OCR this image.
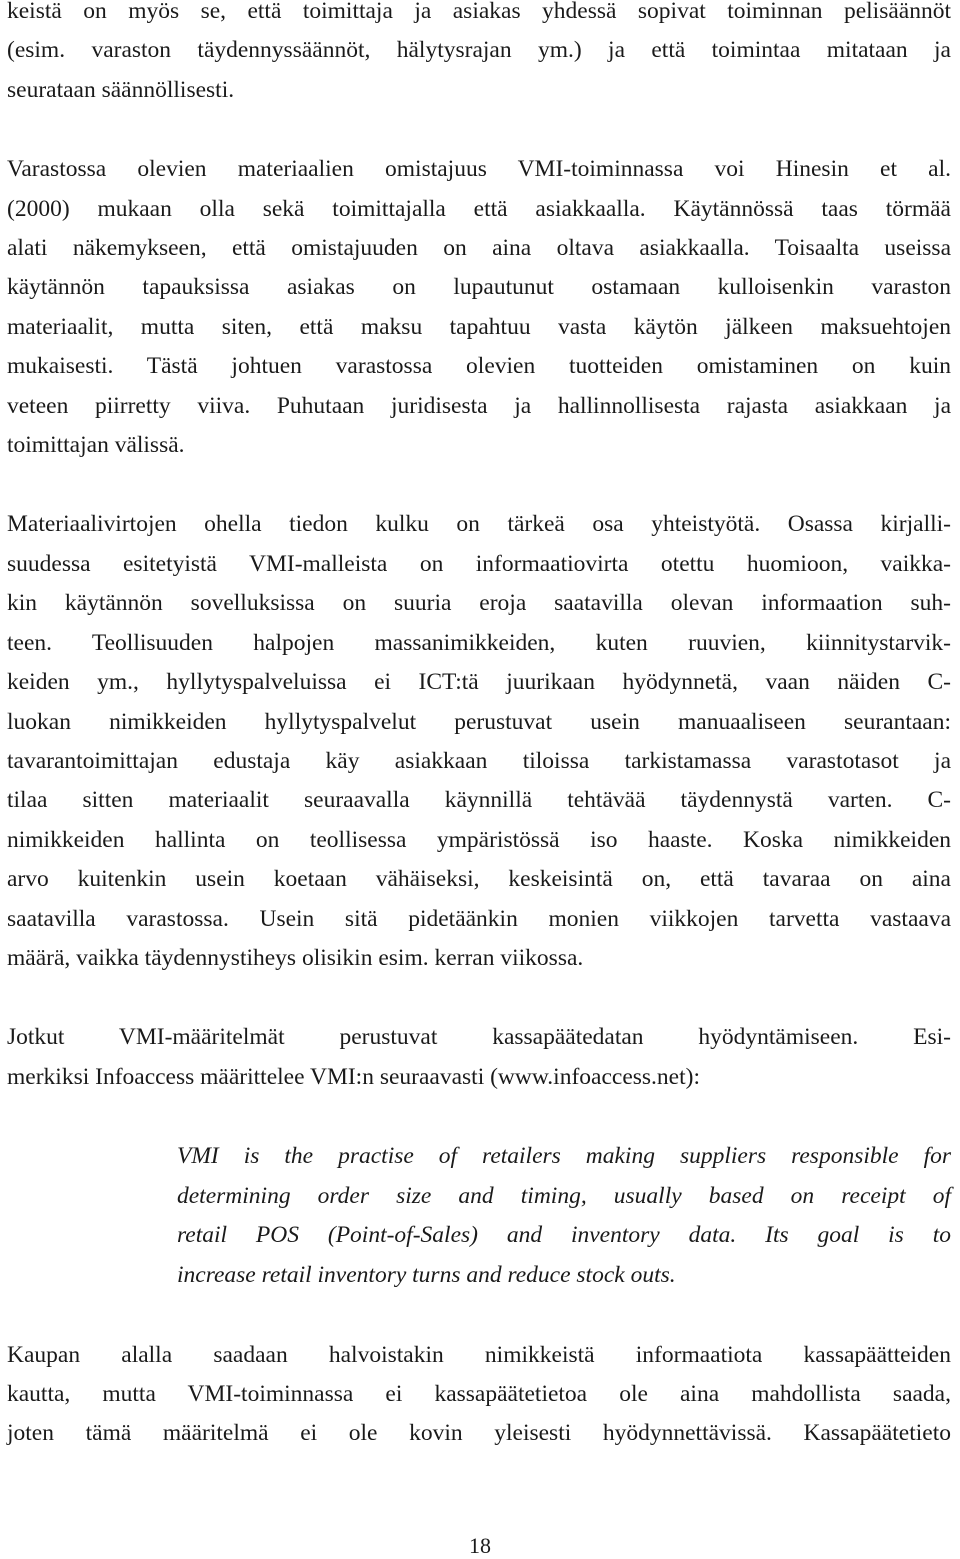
keistä on myös se, että toimittaja ja asiakas yhdessä sopivat toiminnan pelisäännöt
(esim. varaston täydennyssäännöt, hälytysrajan ym.) ja että toimintaa mitataan ja
seurataan säännöllisesti.

Varastossa olevien materiaalien omistajuus VMI-toiminnassa voi Hinesin et al.
(2000) mukaan olla sekä toimittajalla että asiakkaalla. Käytännössä taas törmää
alati näkemykseen, että omistajuuden on aina oltava asiakkaalla. Toisaalta useissa
käytännön tapauksissa asiakas on lupautunut ostamaan kulloisenkin varaston
materiaalit, mutta siten, että maksu tapahtuu vasta käytön jälkeen maksuehtojen
mukaisesti. Tästä johtuen varastossa olevien tuotteiden omistaminen on kuin
veteen piirretty viiva. Puhutaan juridisesta ja hallinnollisesta rajasta asiakkaan ja
toimittajan välissä.

Materiaalivirtojen ohella tiedon kulku on tärkeä osa yhteistyötä. Osassa kirjalli-
suudessa esitetyistä VMI-malleista on informaatiovirta otettu huomioon, vaikka-
kin käytännön sovelluksissa on suuria eroja saatavilla olevan informaation suh-
teen. Teollisuuden halpojen massanimikkeiden, kuten ruuvien, kiinnitystarvik-
keiden ym., hyllytyspalveluissa ei ICT:tä juurikaan hyödynnetä, vaan näiden C-
luokan nimikkeiden hyllytyspalvelut perustuvat usein manuaaliseen seurantaan:
tavarantoimittajan edustaja käy asiakkaan tiloissa tarkistamassa varastotasot ja
tilaa sitten materiaalit seuraavalla käynnillä tehtävää täydennystä varten. C-
nimikkeiden hallinta on teollisessa ympäristössä iso haaste. Koska nimikkeiden
arvo kuitenkin usein koetaan vähäiseksi, keskeisintä on, että tavaraa on aina
saatavilla varastossa. Usein sitä pidetäänkin monien viikkojen tarvetta vastaava
määrä, vaikka täydennystiheys olisikin esim. kerran viikossa.

Jotkut VMI-määritelmät perustuvat kassapäätedatan hyödyntämiseen. Esi-
merkiksi Infoaccess määrittelee VMI:n seuraavasti (www.infoaccess.net):

VMI is the practise of retailers making suppliers responsible for
determining order size and timing, usually based on receipt of
retail POS (Point-of-Sales) and inventory data. Its goal is to
increase retail inventory turns and reduce stock outs.

Kaupan alalla saadaan halvoistakin nimikkeistä informaatiota kassapäätteiden
kautta, mutta VMI-toiminnassa ei kassapäätetietoa ole aina mahdollista saada,
joten tämä määritelmä ei ole kovin yleisesti hyödynnettävissä. Kassapäätetieto

18
